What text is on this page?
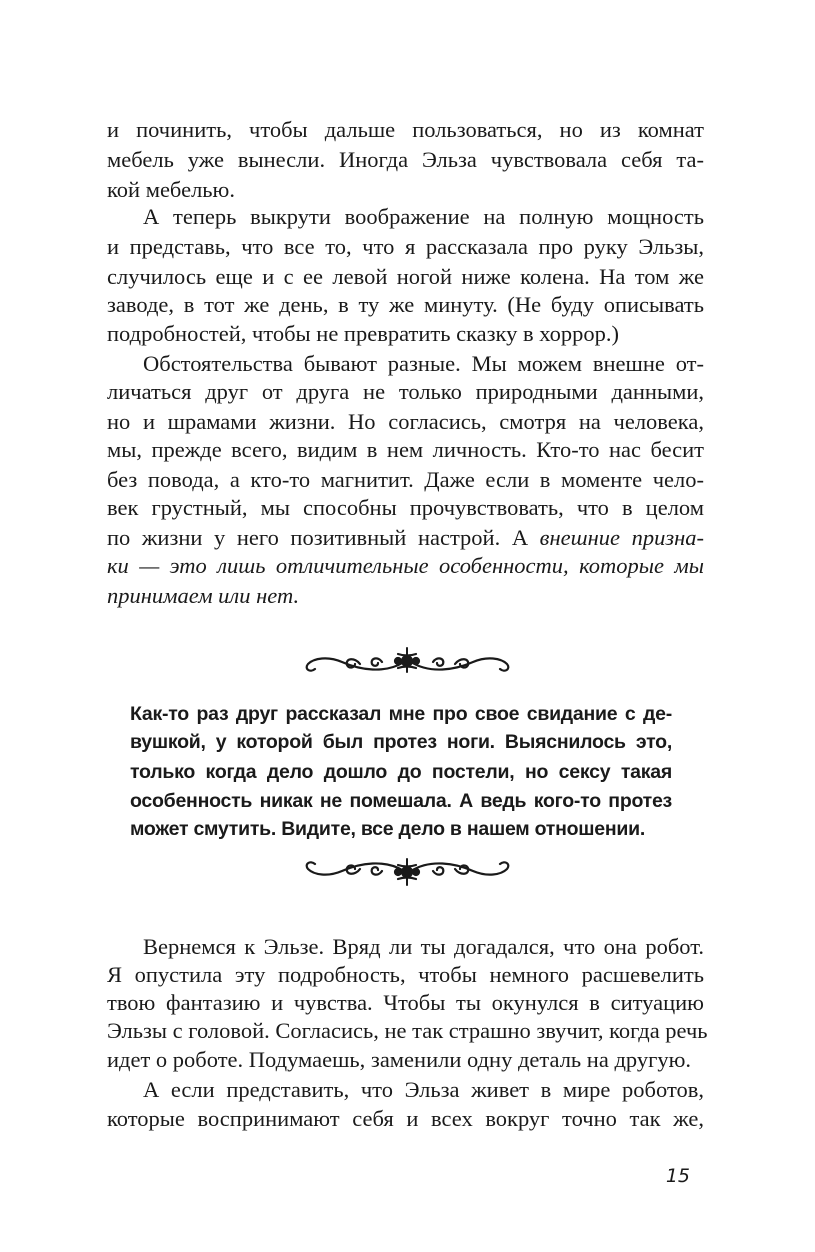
и починить, чтобы дальше пользоваться, но из комнат
мебель уже вынесли. Иногда Эльза чувствовала себя та-
кой мебелью.
А теперь выкрути воображение на полную мощность
и представь, что все то, что я рассказала про руку Эльзы,
случилось еще и с ее левой ногой ниже колена. На том же
заводе, в тот же день, в ту же минуту. (Не буду описывать
подробностей, чтобы не превратить сказку в хоррор.)
Обстоятельства бывают разные. Мы можем внешне от-
личаться друг от друга не только природными данными,
но и шрамами жизни. Но согласись, смотря на человека,
мы, прежде всего, видим в нем личность. Кто-то нас бесит
без повода, а кто-то магнитит. Даже если в моменте чело-
век грустный, мы способны прочувствовать, что в целом
по жизни у него позитивный настрой. А внешние призна-
ки — это лишь отличительные особенности, которые мы
принимаем или нет.
Как-то раз друг рассказал мне про свое свидание с де-
вушкой, у которой был протез ноги. Выяснилось это,
только когда дело дошло до постели, но сексу такая
особенность никак не помешала. А ведь кого-то протез
может смутить. Видите, все дело в нашем отношении.
Вернемся к Эльзе. Вряд ли ты догадался, что она робот.
Я опустила эту подробность, чтобы немного расшевелить
твою фантазию и чувства. Чтобы ты окунулся в ситуацию
Эльзы с головой. Согласись, не так страшно звучит, когда речь
идет о роботе. Подумаешь, заменили одну деталь на другую.
А если представить, что Эльза живет в мире роботов,
которые воспринимают себя и всех вокруг точно так же,
15
